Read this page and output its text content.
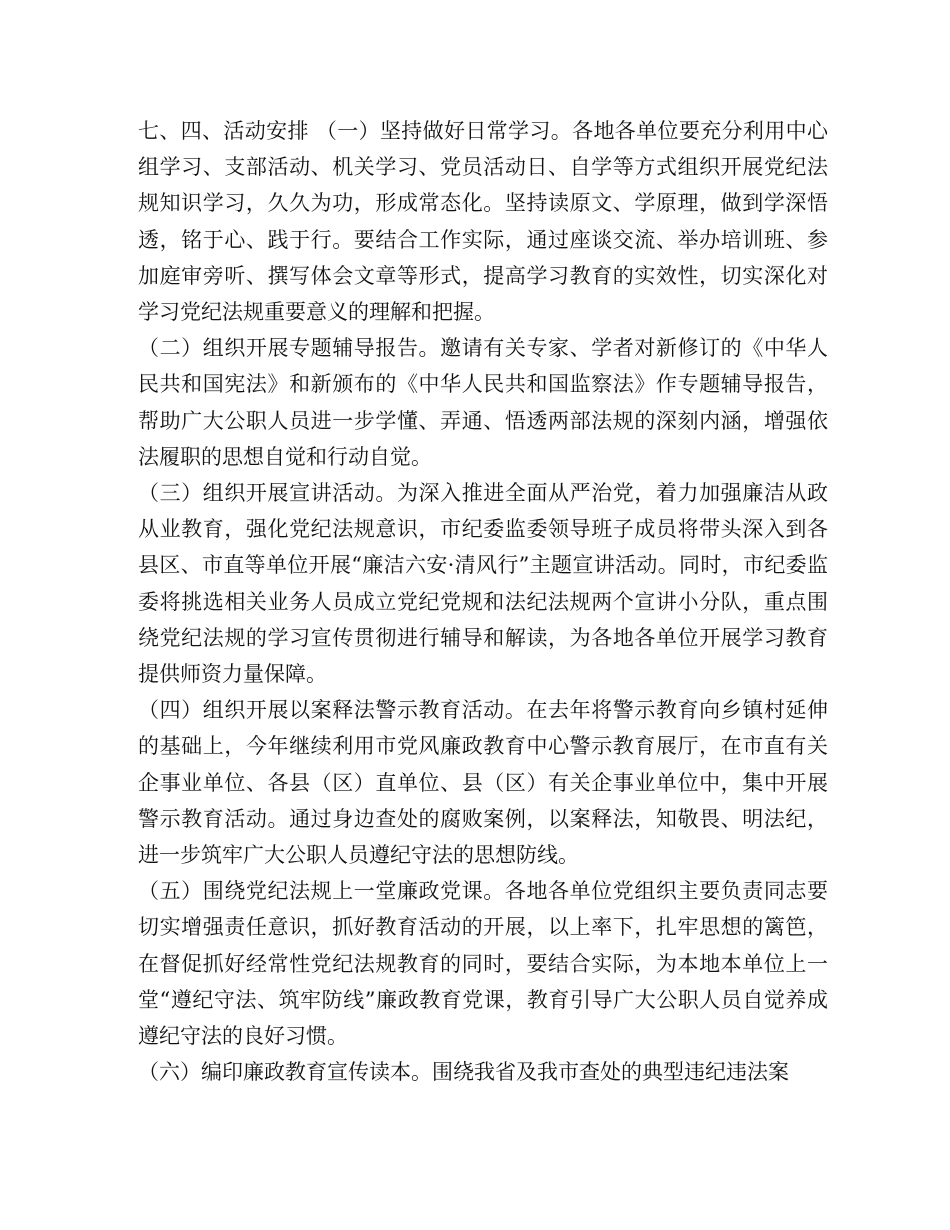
七、四、活动安排 （一）坚持做好日常学习。各地各单位要充分利用中心组学习、支部活动、机关学习、党员活动日、自学等方式组织开展党纪法规知识学习，久久为功，形成常态化。坚持读原文、学原理，做到学深悟透，铭于心、践于行。要结合工作实际，通过座谈交流、举办培训班、参加庭审旁听、撰写体会文章等形式，提高学习教育的实效性，切实深化对学习党纪法规重要意义的理解和把握。

（二）组织开展专题辅导报告。邀请有关专家、学者对新修订的《中华人民共和国宪法》和新颁布的《中华人民共和国监察法》作专题辅导报告，帮助广大公职人员进一步学懂、弄通、悟透两部法规的深刻内涵，增强依法履职的思想自觉和行动自觉。

（三）组织开展宣讲活动。为深入推进全面从严治党，着力加强廉洁从政从业教育，强化党纪法规意识，市纪委监委领导班子成员将带头深入到各县区、市直等单位开展“廉洁六安·清风行”主题宣讲活动。同时，市纪委监委将挑选相关业务人员成立党纪党规和法纪法规两个宣讲小分队，重点围绕党纪法规的学习宣传贯彻进行辅导和解读，为各地各单位开展学习教育提供师资力量保障。

（四）组织开展以案释法警示教育活动。在去年将警示教育向乡镇村延伸的基础上，今年继续利用市党风廉政教育中心警示教育展厅，在市直有关企事业单位、各县（区）直单位、县（区）有关企事业单位中，集中开展警示教育活动。通过身边查处的腐败案例，以案释法，知敬畏、明法纪，进一步筑牢广大公职人员遵纪守法的思想防线。

（五）围绕党纪法规上一堂廉政党课。各地各单位党组织主要负责同志要切实增强责任意识，抓好教育活动的开展，以上率下，扎牢思想的篱笆，在督促抓好经常性党纪法规教育的同时，要结合实际，为本地本单位上一堂“遵纪守法、筑牢防线”廉政教育党课，教育引导广大公职人员自觉养成遵纪守法的良好习惯。

（六）编印廉政教育宣传读本。围绕我省及我市查处的典型违纪违法案
